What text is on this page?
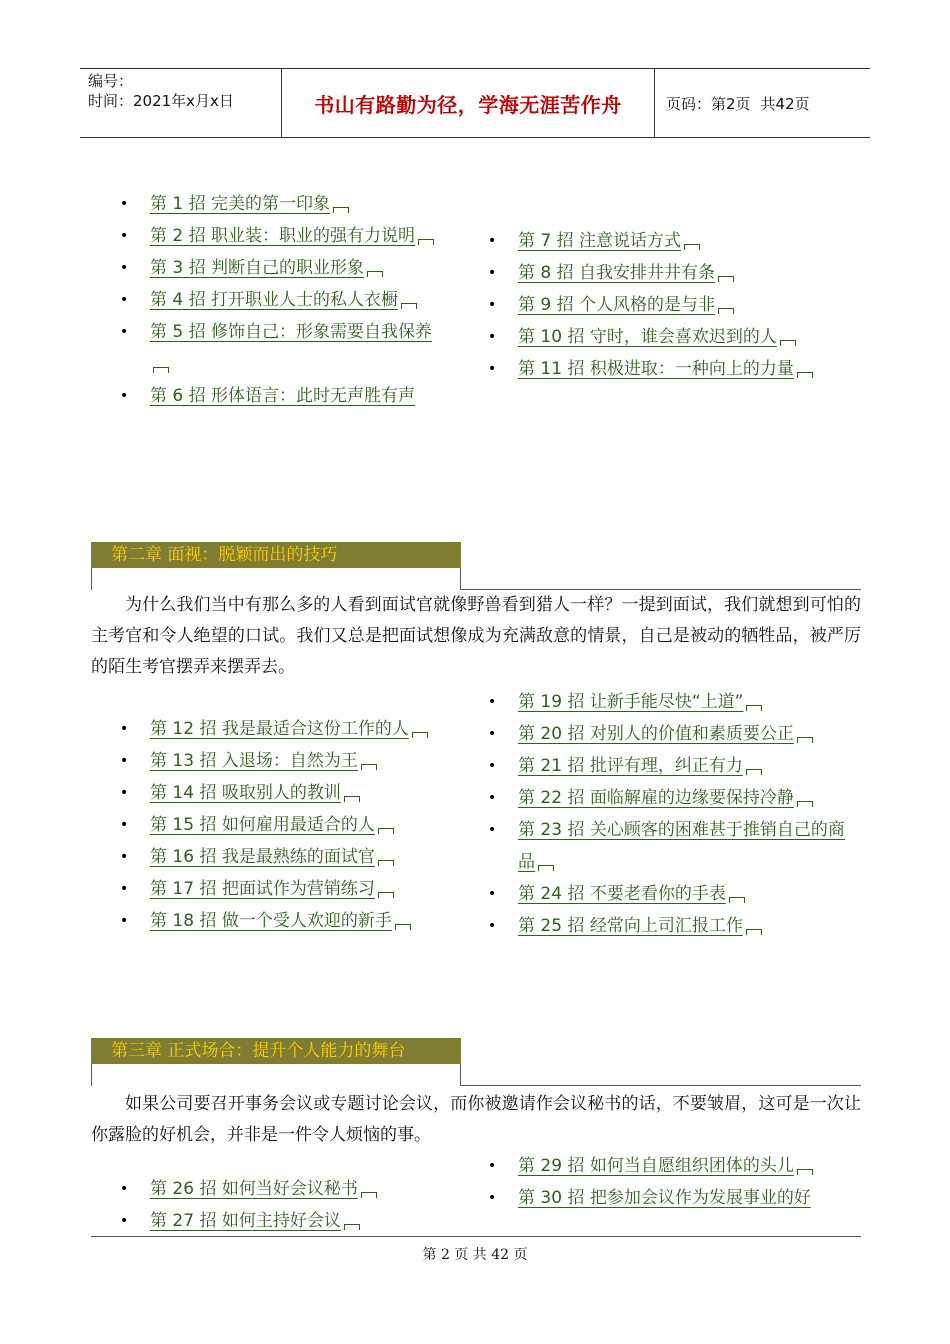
编号：
时间：2021年x月x日	书山有路勤为径，学海无涯苦作舟	页码：第2页 共42页
• 第 1 招 完美的第一印象
• 第 2 招 职业装：职业的强有力说明
• 第 3 招 判断自己的职业形象
• 第 4 招 打开职业人士的私人衣橱
• 第 5 招 修饰自己：形象需要自我保养
• 第 6 招 形体语言：此时无声胜有声
• 第 7 招 注意说话方式
• 第 8 招 自我安排井井有条
• 第 9 招 个人风格的是与非
• 第 10 招 守时，谁会喜欢迟到的人
• 第 11 招 积极进取：一种向上的力量
第二章 面视：脱颖而出的技巧
为什么我们当中有那么多的人看到面试官就像野兽看到猎人一样？一提到面试，我们就想到可怕的主考官和令人绝望的口试。我们又总是把面试想像成为充满敌意的情景，自己是被动的牺牲品，被严厉的陌生考官摆弄来摆弄去。
• 第 12 招 我是最适合这份工作的人
• 第 13 招 入退场：自然为王
• 第 14 招 吸取别人的教训
• 第 15 招 如何雇用最适合的人
• 第 16 招 我是最熟练的面试官
• 第 17 招 把面试作为营销练习
• 第 18 招 做一个受人欢迎的新手
• 第 19 招 让新手能尽快“上道”
• 第 20 招 对别人的价值和素质要公正
• 第 21 招 批评有理，纠正有力
• 第 22 招 面临解雇的边缘要保持冷静
• 第 23 招 关心顾客的困难甚于推销自己的商品
• 第 24 招 不要老看你的手表
• 第 25 招 经常向上司汇报工作
第三章 正式场合：提升个人能力的舞台
如果公司要召开事务会议或专题讨论会议，而你被邀请作会议秘书的话，不要皱眉，这可是一次让你露脸的好机会，并非是一件令人烦恼的事。
• 第 26 招 如何当好会议秘书
• 第 27 招 如何主持好会议
• 第 29 招 如何当自愿组织团体的头儿
• 第 30 招 把参加会议作为发展事业的好
第 2 页 共 42 页
